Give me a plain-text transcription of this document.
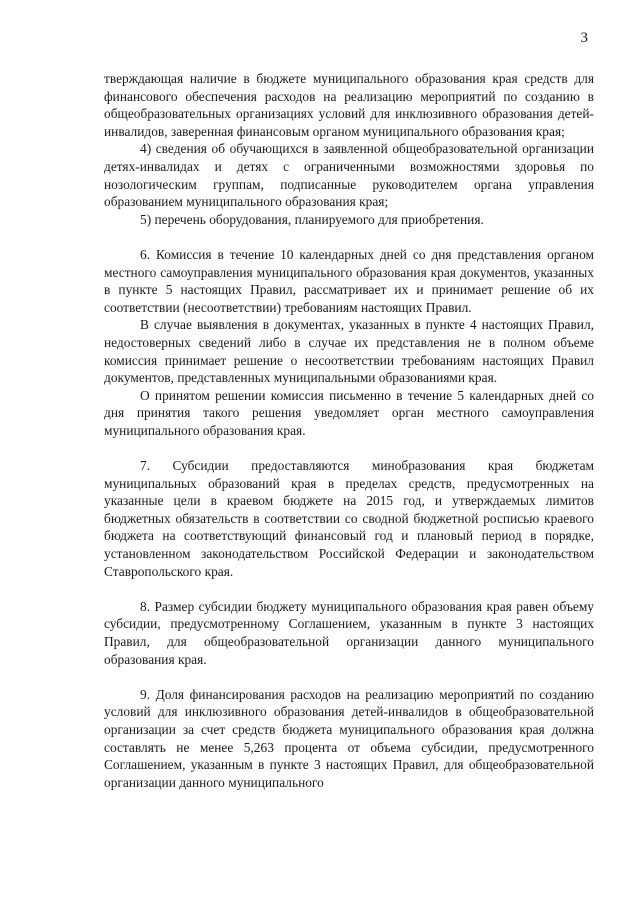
3

тверждающая наличие в бюджете муниципального образования края средств для финансового обеспечения расходов на реализацию мероприятий по созданию в общеобразовательных организациях условий для инклюзивного образования детей-инвалидов, заверенная финансовым органом муниципального образования края;

4) сведения об обучающихся в заявленной общеобразовательной организации детях-инвалидах и детях с ограниченными возможностями здоровья по нозологическим группам, подписанные руководителем органа управления образованием муниципального образования края;

5) перечень оборудования, планируемого для приобретения.

6. Комиссия в течение 10 календарных дней со дня представления органом местного самоуправления муниципального образования края документов, указанных в пункте 5 настоящих Правил, рассматривает их и принимает решение об их соответствии (несоответствии) требованиям настоящих Правил.

В случае выявления в документах, указанных в пункте 4 настоящих Правил, недостоверных сведений либо в случае их представления не в полном объеме комиссия принимает решение о несоответствии требованиям настоящих Правил документов, представленных муниципальными образованиями края.

О принятом решении комиссия письменно в течение 5 календарных дней со дня принятия такого решения уведомляет орган местного самоуправления муниципального образования края.

7. Субсидии предоставляются минобразования края бюджетам муниципальных образований края в пределах средств, предусмотренных на указанные цели в краевом бюджете на 2015 год, и утверждаемых лимитов бюджетных обязательств в соответствии со сводной бюджетной росписью краевого бюджета на соответствующий финансовый год и плановый период в порядке, установленном законодательством Российской Федерации и законодательством Ставропольского края.

8. Размер субсидии бюджету муниципального образования края равен объему субсидии, предусмотренному Соглашением, указанным в пункте 3 настоящих Правил, для общеобразовательной организации данного муниципального образования края.

9. Доля финансирования расходов на реализацию мероприятий по созданию условий для инклюзивного образования детей-инвалидов в общеобразовательной организации за счет средств бюджета муниципального образования края должна составлять не менее 5,263 процента от объема субсидии, предусмотренного Соглашением, указанным в пункте 3 настоящих Правил, для общеобразовательной организации данного муниципального
